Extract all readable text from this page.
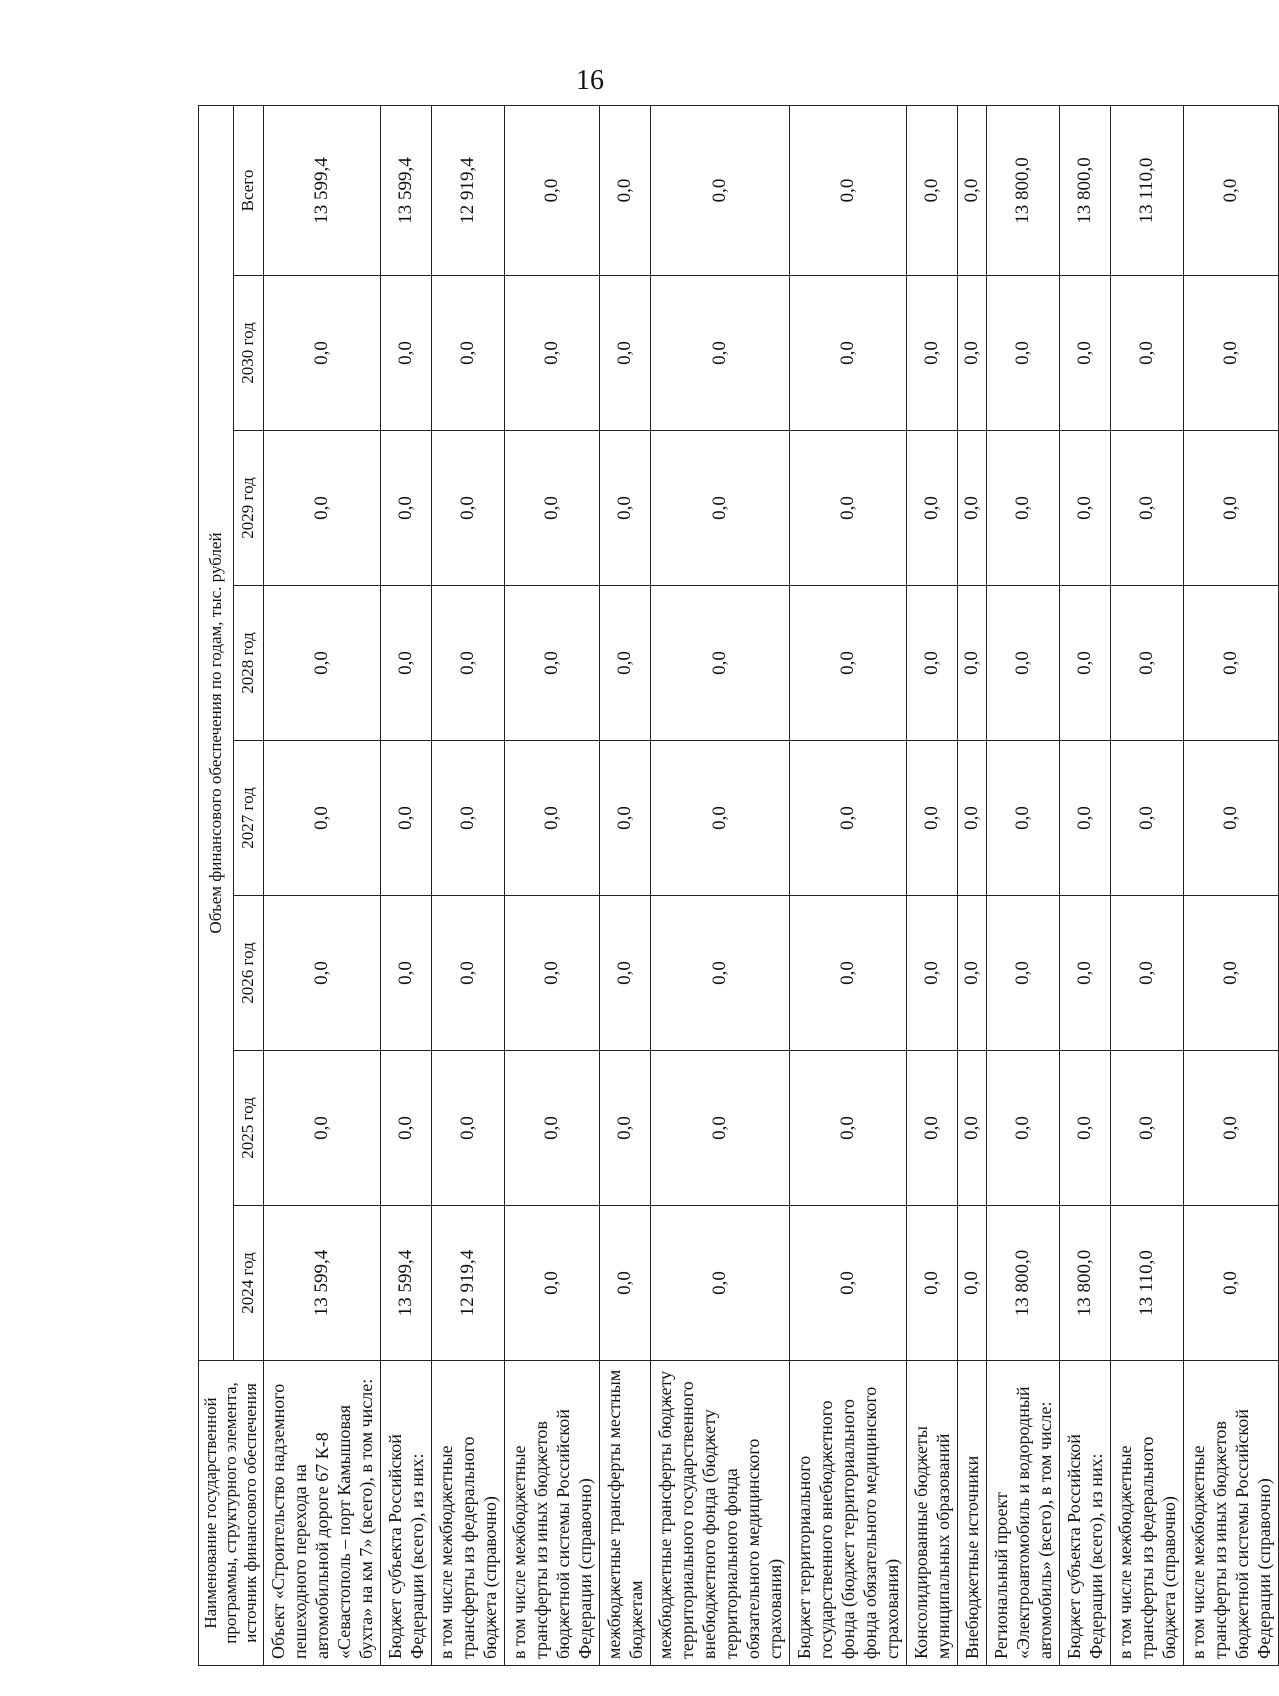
16
Наименование государственной программы, структурного элемента, источник финансового обеспечения	Объем финансового обеспечения по годам, тыс. рублей							
	2024 год	2025 год	2026 год	2027 год	2028 год	2029 год	2030 год	Всего
Объект «Строительство надземного пешеходного перехода на автомобильной дороге 67 К-8 «Севастополь – порт Камышовая бухта» на км 7» (всего), в том числе:	13 599,4	0,0	0,0	0,0	0,0	0,0	0,0	13 599,4
Бюджет субъекта Российской Федерации (всего), из них:	13 599,4	0,0	0,0	0,0	0,0	0,0	0,0	13 599,4
в том числе межбюджетные трансферты из федерального бюджета (справочно)	12 919,4	0,0	0,0	0,0	0,0	0,0	0,0	12 919,4
в том числе межбюджетные трансферты из иных бюджетов бюджетной системы Российской Федерации (справочно)	0,0	0,0	0,0	0,0	0,0	0,0	0,0	0,0
межбюджетные трансферты местным бюджетам	0,0	0,0	0,0	0,0	0,0	0,0	0,0	0,0
межбюджетные трансферты бюджету территориального государственного внебюджетного фонда (бюджету территориального фонда обязательного медицинского страхования)	0,0	0,0	0,0	0,0	0,0	0,0	0,0	0,0
Бюджет территориального государственного внебюджетного фонда (бюджет территориального фонда обязательного медицинского страхования)	0,0	0,0	0,0	0,0	0,0	0,0	0,0	0,0
Консолидированные бюджеты муниципальных образований	0,0	0,0	0,0	0,0	0,0	0,0	0,0	0,0
Внебюджетные источники	0,0	0,0	0,0	0,0	0,0	0,0	0,0	0,0
Региональный проект «Электроавтомобиль и водородный автомобиль» (всего), в том числе:	13 800,0	0,0	0,0	0,0	0,0	0,0	0,0	13 800,0
Бюджет субъекта Российской Федерации (всего), из них:	13 800,0	0,0	0,0	0,0	0,0	0,0	0,0	13 800,0
в том числе межбюджетные трансферты из федерального бюджета (справочно)	13 110,0	0,0	0,0	0,0	0,0	0,0	0,0	13 110,0
в том числе межбюджетные трансферты из иных бюджетов бюджетной системы Российской Федерации (справочно)	0,0	0,0	0,0	0,0	0,0	0,0	0,0	0,0
